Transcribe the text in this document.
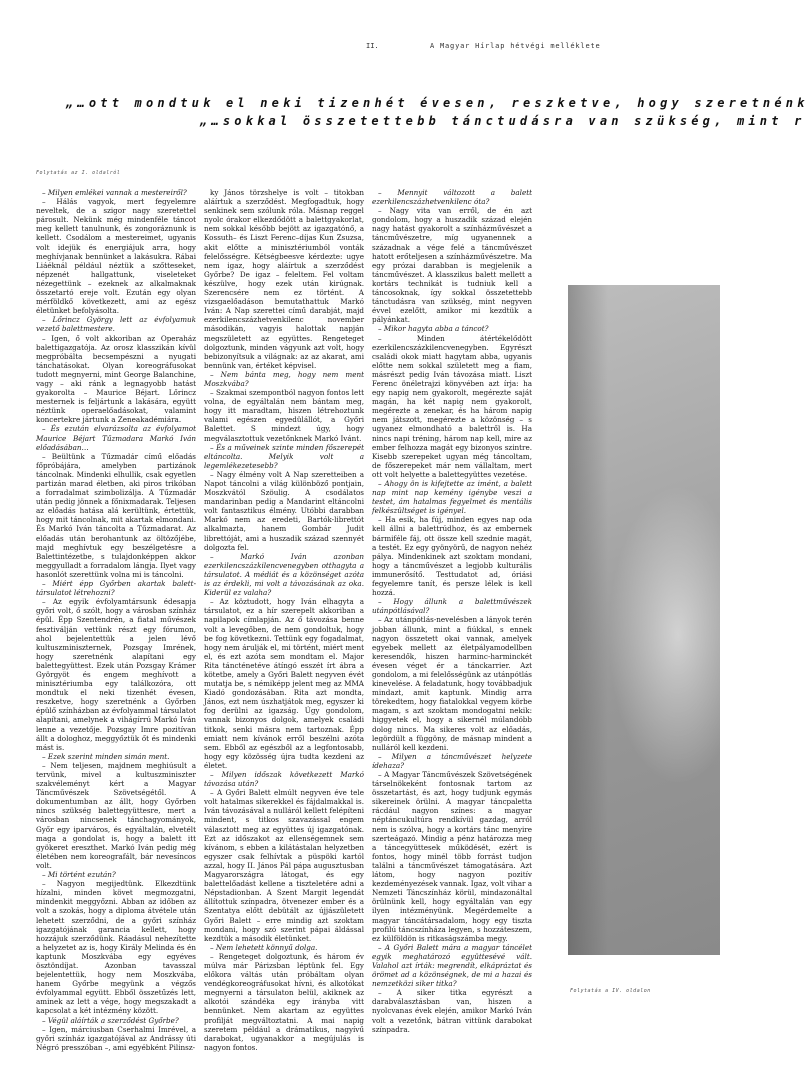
II.	A Magyar Hírlap hétvégi melléklete
„…ott mondtuk el neki tizenhét évesen, reszketve, hogy szeretnénk
„…sokkal összetettebb tánctudásra van szükség, mint r
Folytatás az I. oldalról

– Milyen emlékei vannak a mestereiről?

– Hálás vagyok, mert fegyelemre neveltek, de a szigor nagy szeretettel párosult. Nekünk még mindenféle táncot meg kellett tanulnunk, és zongoráznunk is kellett. Csodálom a mestereimet, ugyanis volt idejük és energiájuk arra, hogy meghívjanak bennünket a lakásukra. Rábai Liáéknál például néztük a szőtteseket, népzenét hallgattunk, viseleteket nézegettünk – ezeknek az alkalmaknak összetartó ereje volt. Ezután egy olyan mérföldkő következett, ami az egész életünket befolyásolta.

– Lőrincz György lett az évfolyamuk vezető balettmestere.

– Igen, ő volt akkoriban az Operaház balettigazgatója. Az orosz klasszikán kívül megpróbálta becsempészni a nyugati tánchatásokat. Olyan koreográfusokat tudott megnyerni, mint George Balanchine, vagy – aki ránk a legnagyobb hatást gyakorolta – Maurice Béjart. Lőrincz mesternek is feljártunk a lakására, együtt néztünk operaelőadásokat, valamint koncertekre jártunk a Zeneakadémiára.

– És ezután elvarázsolta az évfolyamot Maurice Béjart Tűzmadara Markó Iván előadásában…

– Beültünk a Tűzmadár című előadás főpróbájára, amelyben partizánok táncolnak. Mindenki elhullik, csak egyetlen partizán marad életben, aki piros trikóban a forradalmat szimbolizálja. A Tűzmadár után pedig jönnek a főnixmadarak. Teljesen az előadás hatása alá kerültünk, értettük, hogy mit táncolnak, mit akartak elmondani. És Markó Iván táncolta a Tűzmadarat. Az előadás után berohantunk az öltözőjébe, majd meghívtuk egy beszélgetésre a Balettintézetbe, s tulajdonképpen akkor meggyulladt a forradalom lángja. Ilyet vagy hasonlót szerettünk volna mi is táncolni.

– Miért épp Győrben akartak balett-társulatot létrehozni?

– Az egyik évfolyamtársunk édesapja győri volt, ő szólt, hogy a városban színház épül. Épp Szentendrén, a fiatal művészek fesztiválján vettünk részt egy fórumon, ahol bejelentettük a jelen lévő kultuszminiszternek, Pozsgay Imrének, hogy szeretnénk alapítani egy balettegyüttest. Ezek után Pozsgay Krámer Györgyöt és engem meghívott a minisztériumba egy találkozóra, ott mondtuk el neki tizenhét évesen, reszketve, hogy szeretnénk a Győrben épülő színházban az évfolyammal társulatot alapítani, amelynek a vihágírrú Markó Iván lenne a vezetője. Pozsgay Imre pozitívan állt a dologhoz, meggyőztük őt és mindenki mást is.

– Ezek szerint minden simán ment.

– Nem teljesen, majdnem meghiúsult a tervünk, mivel a kultuszminiszter szakvéleményt kért a Magyar Táncművészek Szövetségétől. A dokumentumban az állt, hogy Győrben nincs szükség balettegyüttesre, mert a városban nincsenek tánchagyományok, Győr egy iparváros, és egyáltalán, elvetélt maga a gondolat is, hogy a balett itt gyökeret ereszthet. Markó Iván pedig még életében nem koreografált, bár nevesíncos volt.

– Mi történt ezután?

– Nagyon megijedtünk. Elkezdtünk hízalni, minden követ megmozgatni, mindenkit meggyőzni. Abban az időben az volt a szokás, hogy a diploma átvétele után lehetett szerződni, de a győri színház igazgatójának garancia kellett, hogy hozzájuk szerződünk. Ráadásul nehezítette a helyzetet az is, hogy Király Melinda és én kaptunk Moszkvába egy egyéves ösztöndíjat. Azonban tavasszal bejelentettük, hogy nem Moszkvába, hanem Győrbe megyünk a végzős évfolyammal együtt. Ebből összetűzés lett, aminek az lett a vége, hogy megszakadt a kapcsolat a két intézmény között.

– Végül aláírták a szerződést Győrbe?

– Igen, márciusban Cserhalmi Imrével, a győri színház igazgatójával az Andrássy úti Négró presszóban –, ami egyébként Pilinsz-

ky János törzshelye is volt – titokban aláírtuk a szerződést. Megfogadtuk, hogy senkinek sem szólunk róla. Másnap reggel nyolc órakor elkezdődött a balettgyakorlat, nem sokkal később bejött az igazgatónő, a Kossuth– és Liszt Ferenc–díjas Kun Zsuzsa, akit előtte a minisztériumból vonták felelősségre. Kétségbeesve kérdezte: ugye nem igaz, hogy aláírtuk a szerződést Győrbe? De igaz – feleltem. Fel voltam készülve, hogy ezek után kirúgnak. Szerencsére nem ez történt. A vizsgaelőadáson bemutathattuk Markó Iván: A Nap szerettei című darabját, majd ezerkilencszázhetvenkilenc november másodikán, vagyis halottak napján megszületett az együttes. Rengeteget dolgoztunk, minden vágyunk azt volt, hogy bebizonyítsuk a világnak: az az akarat, ami bennünk van, értéket képvisel.

– Nem bánta meg, hogy nem ment Moszkvába?

– Szakmai szempontból nagyon fontos lett volna, de egyáltalán nem bántam meg, hogy itt maradtam, hiszen létrehoztunk valami egészen egyedülállót, a Győri Balettet. S mindezt úgy, hogy megválasztottuk vezetőnknek Markó Ivánt.

– És a műveinek szinte minden főszerepét eltáncolta. Melyik volt a legemlékezetesebb?

– Nagy élmény volt A Nap szeretteiben a Napot táncolni a világ különböző pontjain, Moszkvától Szöulig. A csodálatos mandarinban pedig a Mandarint eltáncolni volt fantasztikus élmény. Utóbbi darabban Markó nem az eredeti, Bartók-librettót alkalmazta, hanem Gombár Judit librettóját, ami a huszadik század szennyét dolgozta fel.

– Markó Iván azonban ezerkilencszázkilencvenegyben otthagyta a társulatot. A médiát és a közönséget azóta is az érdekli, mi volt a távozásának az oka. Kiderül ez valaha?

– Az köztudott, hogy Iván elhagyta a társulatot, ez a hír szerepelt akkoriban a napilapok címlapján. Az ő távozása benne volt a levegőben, de nem gondoltuk, hogy be fog következni. Tettünk egy fogadalmat, hogy nem árulják el, mi történt, miért ment el, és ezt azóta sem mondtam el. Major Rita táncténetéve átíngó esszét írt ábra a kötetbe, amely a Győri Balett negyven évét mutatja be, s némiképp jelent meg az MMA Kiadó gondozásában. Rita azt mondta, János, ezt nem úszhatjátok meg, egyszer ki fog derülni az igazság. Úgy gondolom, vannak bizonyos dolgok, amelyek családi titkok, senki másra nem tartoznak. Épp emiatt nem kívánok erről beszélni azóta sem. Ebből az egészből az a legfontosabb, hogy egy közösség újra tudta kezdeni az életet.

– Milyen időszak következett Markó távozása után?

– A Győri Balett elmúlt negyven éve tele volt hatalmas sikerekkel és fájdalmakkal is. Iván távozásával a nulláról kellett felépíteni mindent, s titkos szavazással engem választott meg az együttes új igazgatónak. Ezt az időszakot az ellenségemnek sem kívánom, s ebben a kilátástalan helyzetben egyszer csak felhívtak a püspöki kartól azzal, hogy II. János Pál pápa augusztusban Magyarországra látogat, és egy balettelőadást kellene a tiszteletére adni a Népstadionban. A Szent Margit legendát állítottuk színpadra, ötvenezer ember és a Szentatya előtt debütált az újjászületett Győri Balett – erre mindig azt szoktam mondani, hogy szó szerint pápai áldással kezdtük a második életünket.

– Nem lehetett könnyű dolga.

– Rengeteget dolgoztunk, és három év múlva már Párizsban léptünk fel. Egy előkora váltás után próbáltam olyan vendégkoreográfusokat hívni, és alkotókat megnyerni a társulaton belül, akiknek az alkotói szándéka egy irányba vitt bennünket. Nem akartam az együttes profilját megváltoztatni. A mai napig szeretem például a drámatikus, nagyívű darabokat, ugyanakkor a megújulás is nagyon fontos.

– Mennyit változott a balett ezerkilencszázhetvenkilenc óta?

– Nagy vita van erről, de én azt gondolom, hogy a huszadik század elején nagy hatást gyakorolt a színházművészet a táncművészetre, míg ugyanennek a századnak a vége felé a táncművészet hatott erőteljesen a színházművészetre. Ma egy prózai darabban is megjelenik a táncművészet. A klasszikus balett mellett a kortárs technikát is tudniuk kell a táncosoknak, így sokkal összetettebb tánctudásra van szükség, mint negyven évvel ezelőtt, amikor mi kezdtük a pályánkat.

– Mikor hagyta abba a táncot?

– Minden átértékelődött ezerkilencszázkilencvenegyben. Egyrészt családi okok miatt hagytam abba, ugyanis előtte nem sokkal született meg a fiam, másrészt pedig Iván távozása miatt. Liszt Ferenc önéletrajzi könyvében azt írja: ha egy napig nem gyakorolt, megérezte saját magán, ha két napig nem gyakorolt, megérezte a zenekar, és ha három napig nem játszott, megérezte a közönség – s ugyanez elmondható a balettről is. Ha nincs napi tréning, három nap kell, mire az ember felhozza magát egy bizonyos szintre. Kisebb szerepeket ugyan még táncoltam, de főszerepeket már nem vállaltam, mert ott volt helyette a balettegyüttes vezetése.

– Ahogy ön is kifejtette az imént, a balett nap mint nap kemény igénybe veszi a testet, ám hatalmas fegyelmet és mentális felkészültséget is igényel.

– Ha esik, ha fúj, minden egyes nap oda kell állni a balettrúdhoz, és az embernek bármiféle fáj, ott össze kell szednie magát, a testét. Ez egy gyönyörű, de nagyon nehéz pálya. Mindenkinek azt szoktam mondani, hogy a táncművészet a legjobb kulturális immunerősítő. Testtudatot ad, óriási fegyelemre tanít, és persze lélek is kell hozzá.

– Hogy állunk a balettművészek utánpótlásával?

– Az utánpótlás-nevelésben a lányok terén jobban állunk, mint a fiúkkal, s ennek nagyon összetett okai vannak, amelyek egyebek mellett az életpályamodellben keresendők, hiszen harminc-harminckét évesen véget ér a tánckarrier. Azt gondolom, a mi felelősségünk az utánpótlás kinevelése. A feladatunk, hogy továbbadjuk mindazt, amit kaptunk. Mindig arra törekedtem, hogy fiatalokkal vegyem körbe magam, s azt szoktam mondogatni nekik: higgyetek el, hogy a sikernél múlandóbb dolog nincs. Ma sikeres volt az előadás, legördült a függöny, de másnap mindent a nulláról kell kezdeni.

– Milyen a táncművészet helyzete ídehaza?

– A Magyar Táncművészek Szövetségének társelnökeként fontosnak tartom az összetartást, és azt, hogy tudjunk egymás sikereinek örülni. A magyar táncpaletta rácdául nagyon színes: a magyar néptáncukultúra rendkívül gazdag, arról nem is szólva, hogy a kortárs tánc menyire szerteágazó. Mindig a pénz határozza meg a táncegyüttesek működését, ezért is fontos, hogy minél több forrást tudjon találni a táncművészet támogatására. Azt látom, hogy nagyon pozitív kezdeményezések vannak. Igaz, volt vihar a Nemzeti Táncszínház körül, mindazonáltal örülnünk kell, hogy egyáltalán van egy ilyen intézményünk. Megérdemelte a magyar táncátársadalom, hogy egy tiszta profilú táncszínháza legyen, s hozzáteszem, ez külföldön is ritkaságszámba megy.

– A Győri Balett mára a magyar táncélet egyik meghatározó együttesévé vált. Valahol azt írták: megrendít, elkápráztat és örömet ad a közönségnek, de mi a hazai és nemzetközi siker titka?

– A siker titka egyrészt a darabválasztásban van, hiszen a nyolcvanas évek elején, amikor Markó Iván volt a vezetőnk, bátran vittünk darabokat színpadra.

Folytatás a IV. oldalon
